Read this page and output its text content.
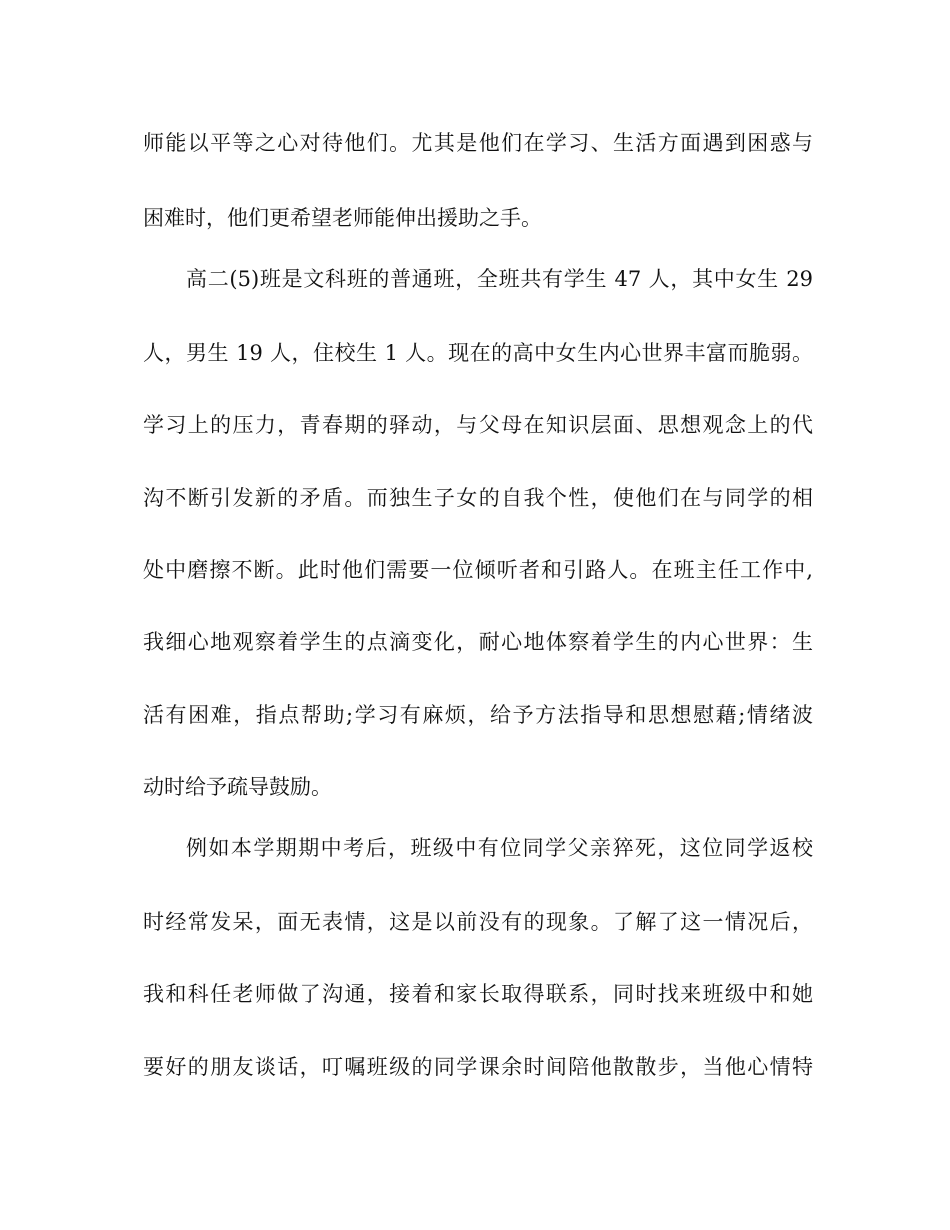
师能以平等之心对待他们。尤其是他们在学习、生活方面遇到困惑与
困难时，他们更希望老师能伸出援助之手。
高二(5)班是文科班的普通班，全班共有学生 47 人，其中女生 29
人，男生 19 人，住校生 1 人。现在的高中女生内心世界丰富而脆弱。
学习上的压力，青春期的驿动，与父母在知识层面、思想观念上的代
沟不断引发新的矛盾。而独生子女的自我个性，使他们在与同学的相
处中磨擦不断。此时他们需要一位倾听者和引路人。在班主任工作中,
我细心地观察着学生的点滴变化，耐心地体察着学生的内心世界：生
活有困难，指点帮助;学习有麻烦，给予方法指导和思想慰藉;情绪波
动时给予疏导鼓励。
例如本学期期中考后，班级中有位同学父亲猝死，这位同学返校
时经常发呆，面无表情，这是以前没有的现象。了解了这一情况后，
我和科任老师做了沟通，接着和家长取得联系，同时找来班级中和她
要好的朋友谈话，叮嘱班级的同学课余时间陪他散散步，当他心情特
